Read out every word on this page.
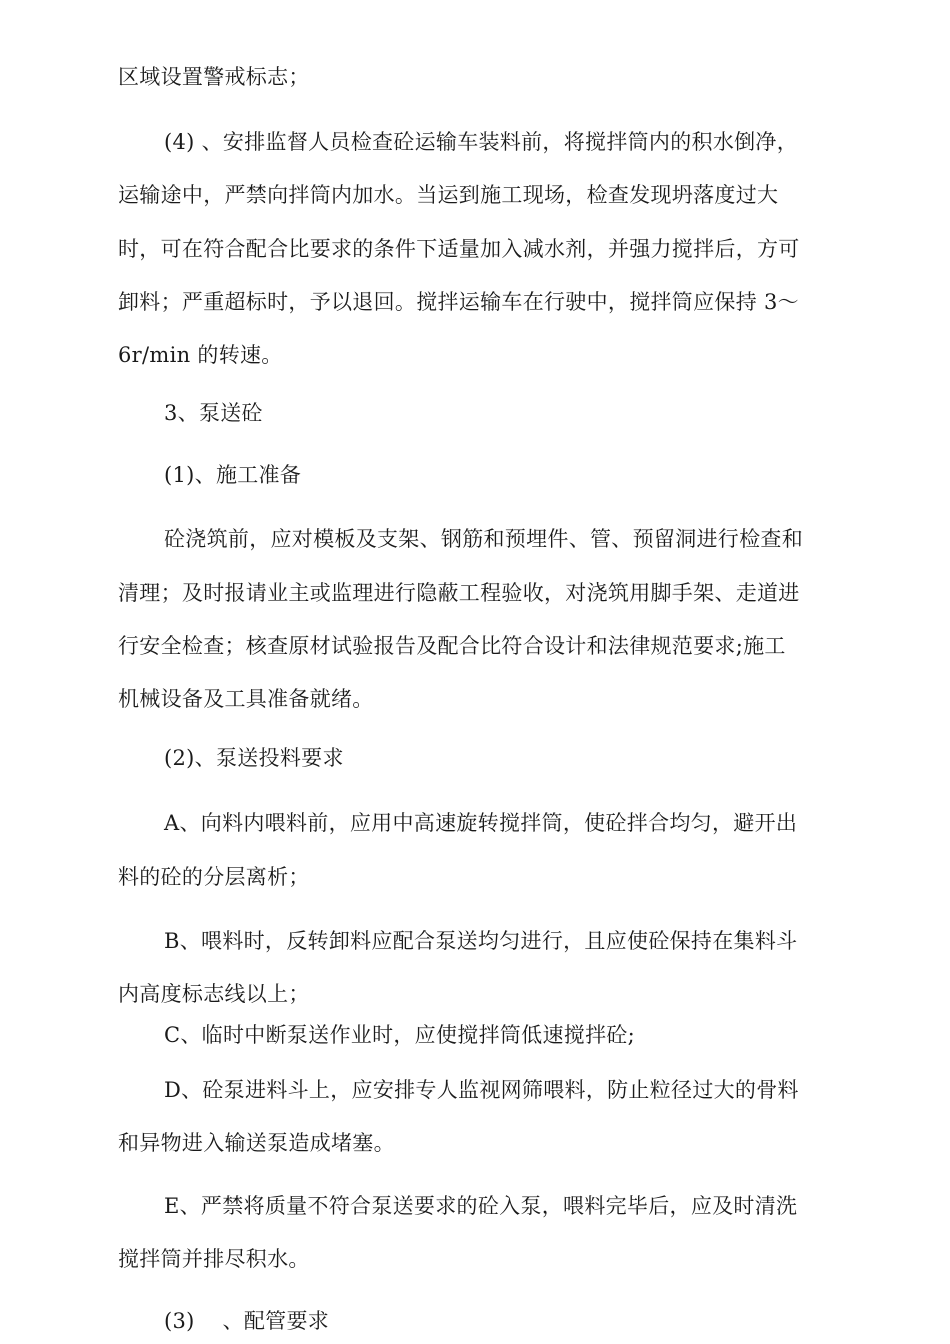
区域设置警戒标志；
(4) 、安排监督人员检查砼运输车装料前，将搅拌筒内的积水倒净，
运输途中，严禁向拌筒内加水。当运到施工现场，检查发现坍落度过大
时，可在符合配合比要求的条件下适量加入减水剂，并强力搅拌后，方可
卸料；严重超标时，予以退回。搅拌运输车在行驶中，搅拌筒应保持 3〜
6r/min 的转速。
3、泵送砼
(1)、施工准备
砼浇筑前，应对模板及支架、钢筋和预埋件、管、预留洞进行检查和
清理；及时报请业主或监理进行隐蔽工程验收，对浇筑用脚手架、走道进
行安全检查；核查原材试验报告及配合比符合设计和法律规范要求;施工
机械设备及工具准备就绪。
(2)、泵送投料要求
A、向料内喂料前，应用中高速旋转搅拌筒，使砼拌合均匀，避开出
料的砼的分层离析；
B、喂料时，反转卸料应配合泵送均匀进行，且应使砼保持在集料斗
内高度标志线以上；
C、临时中断泵送作业时，应使搅拌筒低速搅拌砼;
D、砼泵进料斗上，应安排专人监视网筛喂料，防止粒径过大的骨料
和异物进入输送泵造成堵塞。
E、严禁将质量不符合泵送要求的砼入泵，喂料完毕后，应及时清洗
搅拌筒并排尽积水。
(3)    、配管要求
